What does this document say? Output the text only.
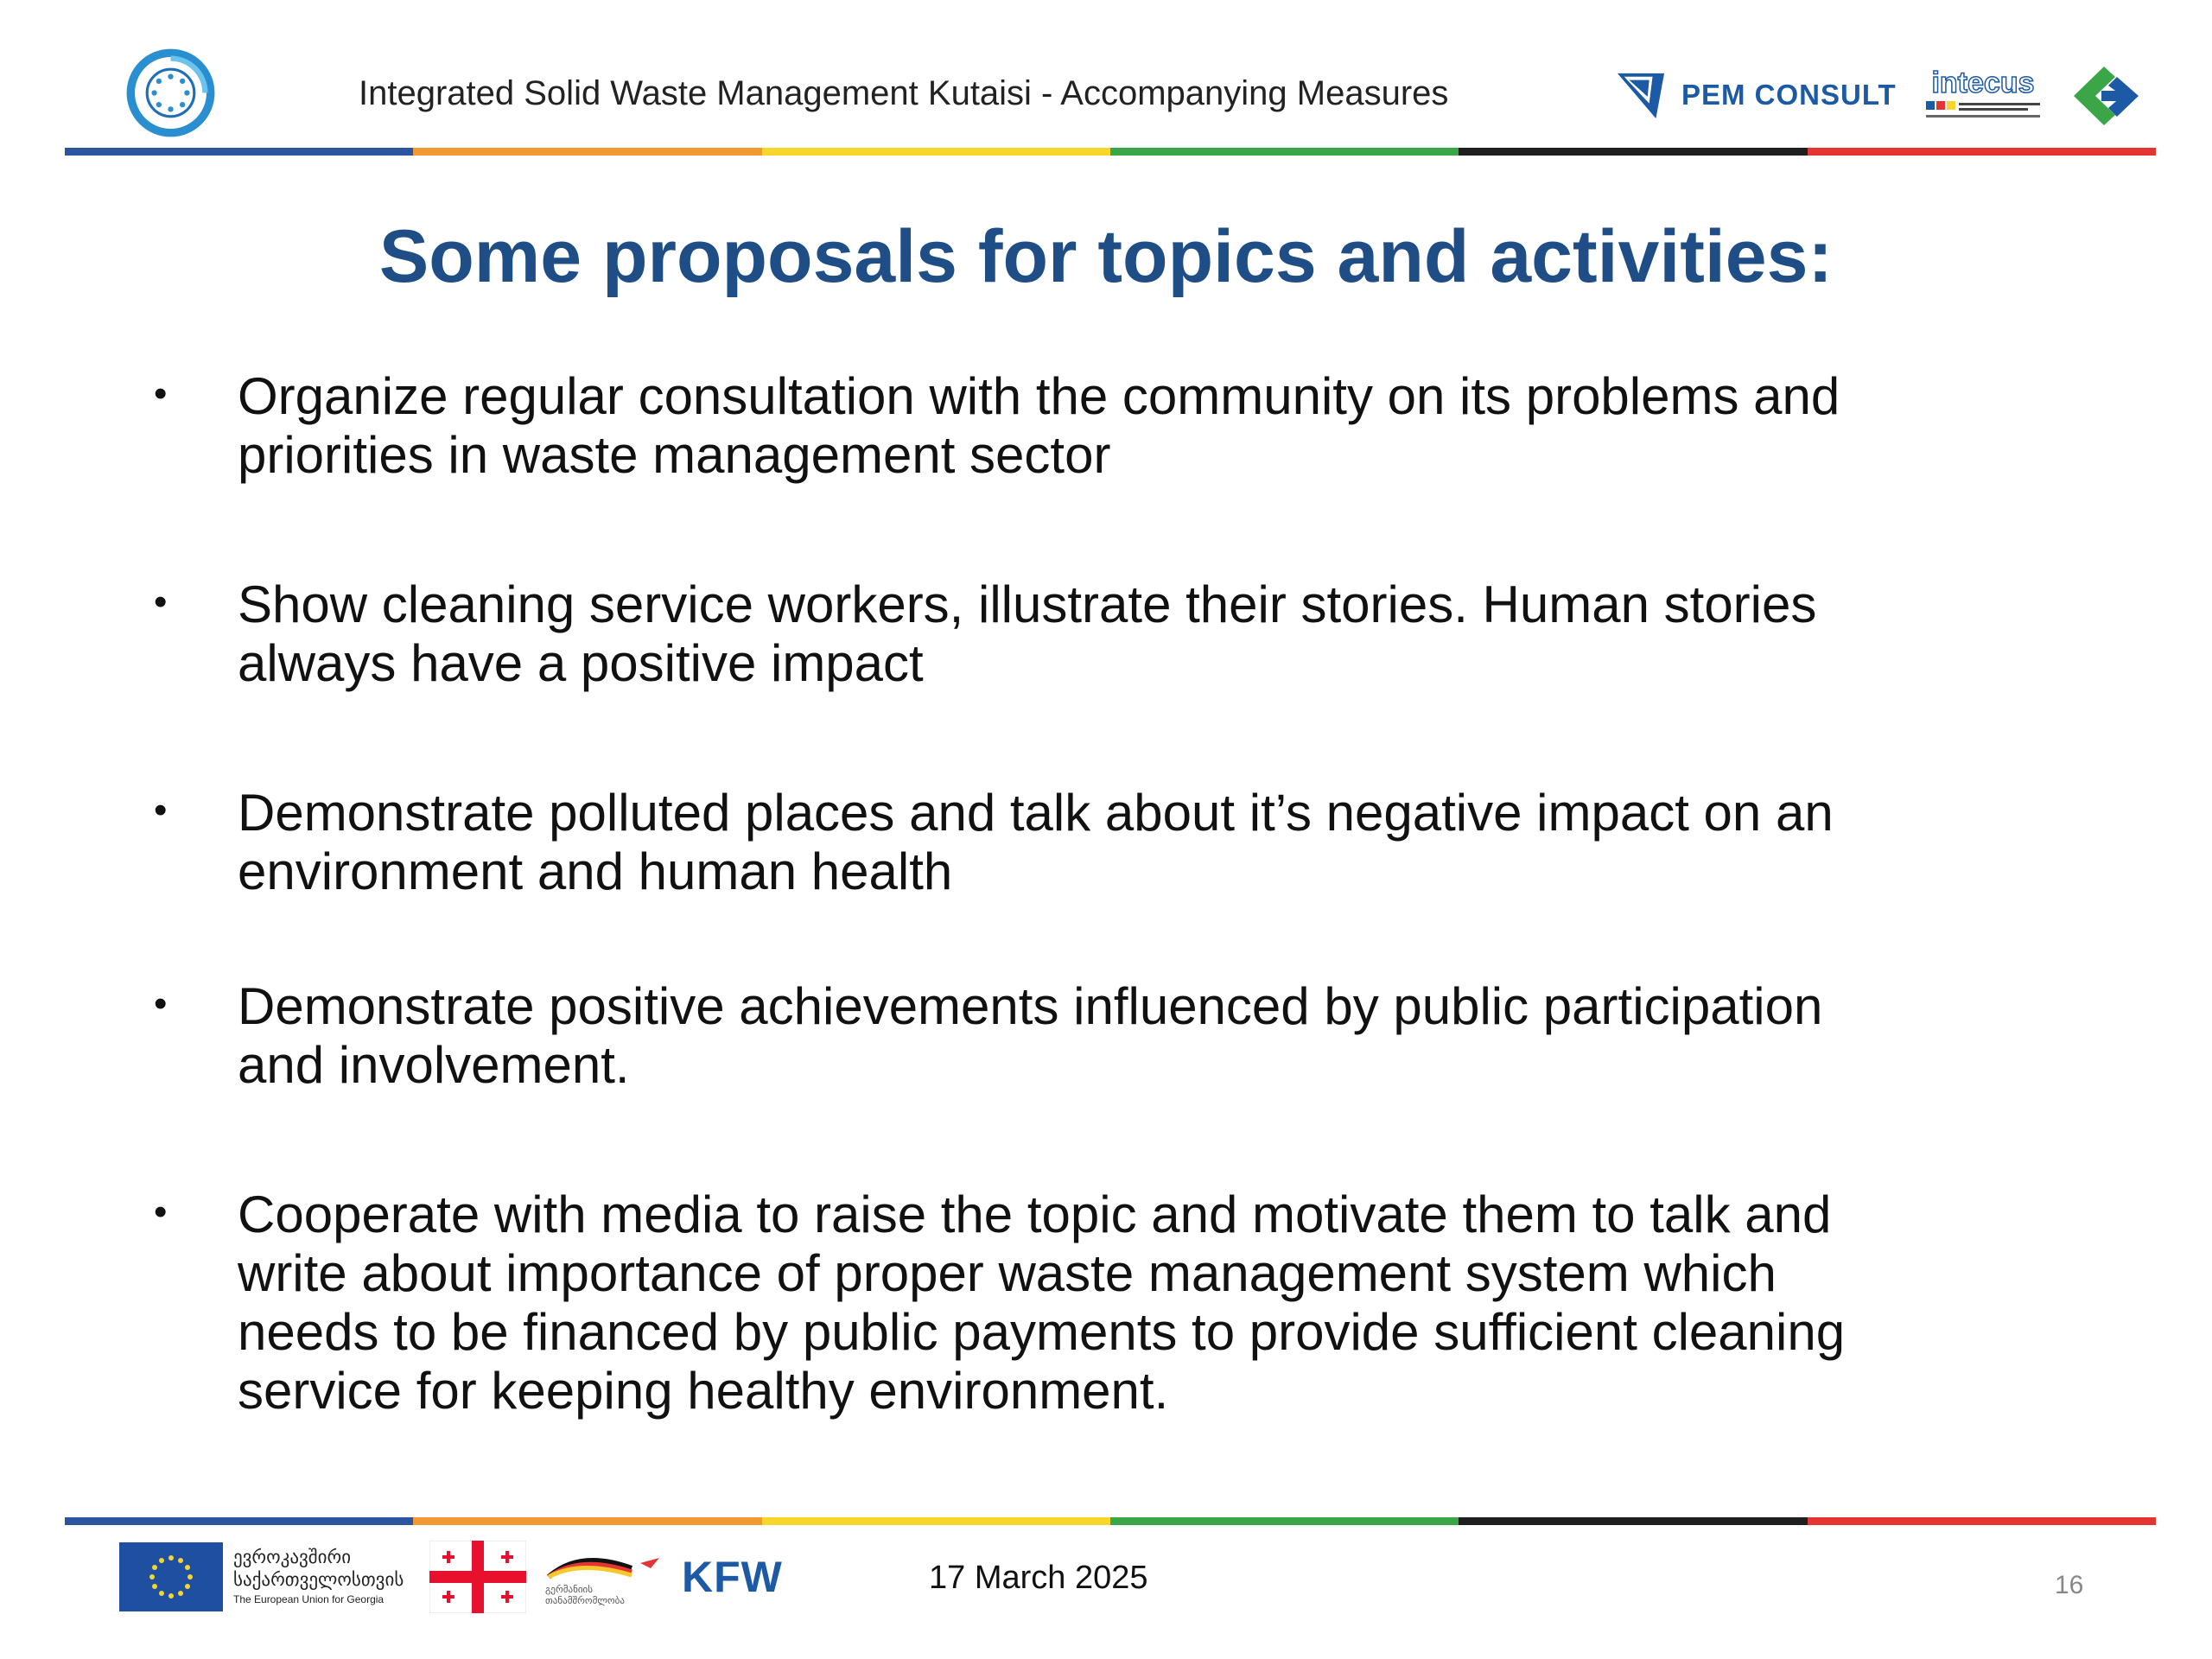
Integrated Solid Waste Management Kutaisi - Accompanying Measures	PEM CONSULT intecus
Some proposals for topics and activities:
•	Organize regular consultation with the community on its problems and
priorities in waste management sector
•	Show cleaning service workers, illustrate their stories. Human stories
always have a positive impact
•	Demonstrate polluted places and talk about it’s negative impact on an
environment and human health
•	Demonstrate positive achievements influenced by public participation
and involvement.
•	Cooperate with media to raise the topic and motivate them to talk and
write about importance of proper waste management system which
needs to be financed by public payments to provide sufficient cleaning
service for keeping healthy environment.
ევროკავშირი
საქართველოსთვის
The European Union for Georgia
გერმანიის
თანამშრომლობა	KFW	17 March 2025	16
